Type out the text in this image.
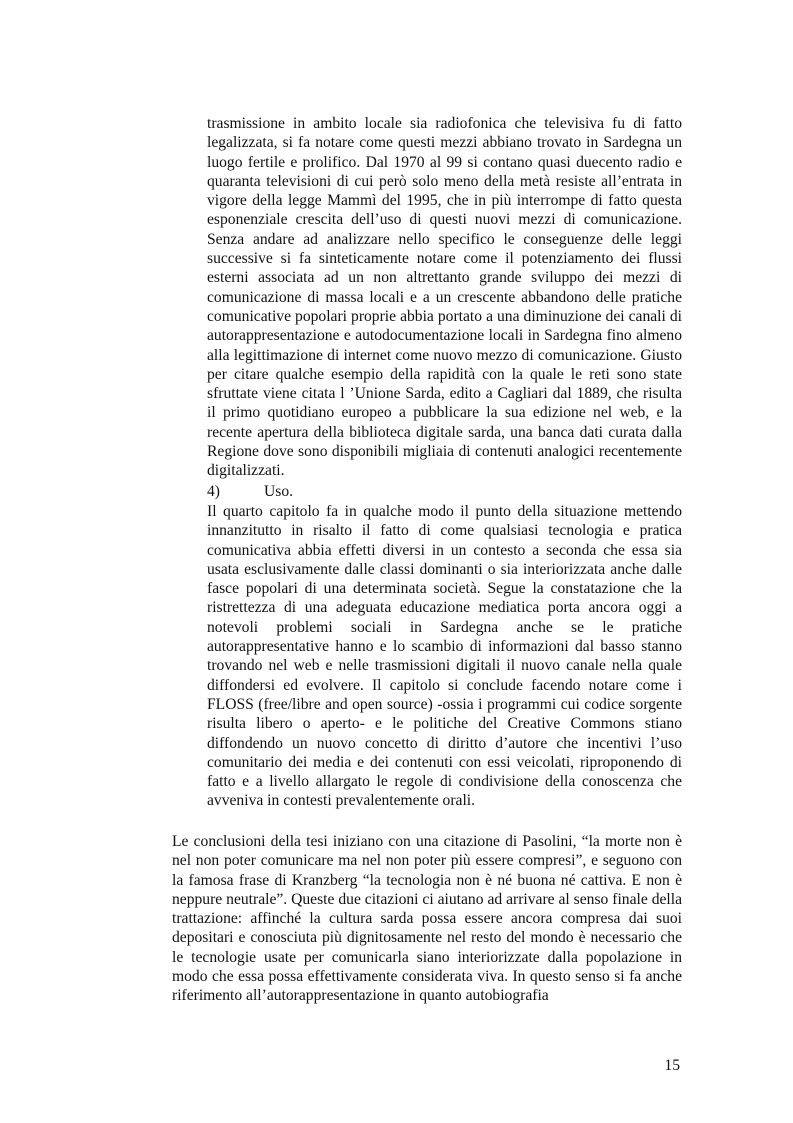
trasmissione in ambito locale sia radiofonica che televisiva fu di fatto legalizzata, si fa notare come questi mezzi abbiano trovato in Sardegna un luogo fertile e prolifico. Dal 1970 al 99 si contano quasi duecento radio e quaranta televisioni di cui però solo meno della metà resiste all’entrata in vigore della legge Mammì del 1995, che in più interrompe di fatto questa esponenziale crescita dell’uso di questi nuovi mezzi di comunicazione. Senza andare ad analizzare nello specifico le conseguenze delle leggi successive si fa sinteticamente notare come il potenziamento dei flussi esterni associata ad un non altrettanto grande sviluppo dei mezzi di comunicazione di massa locali e a un crescente abbandono delle pratiche comunicative popolari proprie abbia portato a una diminuzione dei canali di autorappresentazione e autodocumentazione locali in Sardegna fino almeno alla legittimazione di internet come nuovo mezzo di comunicazione. Giusto per citare qualche esempio della rapidità con la quale le reti sono state sfruttate viene citata l ’Unione Sarda, edito a Cagliari dal 1889, che risulta il primo quotidiano europeo a pubblicare la sua edizione nel web, e la recente apertura della biblioteca digitale sarda, una banca dati curata dalla Regione dove sono disponibili migliaia di contenuti analogici recentemente digitalizzati.

4)	Uso.

Il quarto capitolo fa in qualche modo il punto della situazione mettendo innanzitutto in risalto il fatto di come qualsiasi tecnologia e pratica comunicativa abbia effetti diversi in un contesto a seconda che essa sia usata esclusivamente dalle classi dominanti o sia interiorizzata anche dalle fasce popolari di una determinata società. Segue la constatazione che la ristrettezza di una adeguata educazione mediatica porta ancora oggi a notevoli problemi sociali in Sardegna anche se le pratiche autorappresentative hanno e lo scambio di informazioni dal basso stanno trovando nel web e nelle trasmissioni digitali il nuovo canale nella quale diffondersi ed evolvere. Il capitolo si conclude facendo notare come i FLOSS (free/libre and open source) -ossia i programmi cui codice sorgente risulta libero o aperto- e le politiche del Creative Commons stiano diffondendo un nuovo concetto di diritto d’autore che incentivi l’uso comunitario dei media e dei contenuti con essi veicolati, riproponendo di fatto e a livello allargato le regole di condivisione della conoscenza che avveniva in contesti prevalentemente orali.

Le conclusioni della tesi iniziano con una citazione di Pasolini, “la morte non è nel non poter comunicare ma nel non poter più essere compresi”, e seguono con la famosa frase di Kranzberg “la tecnologia non è né buona né cattiva. E non è neppure neutrale”. Queste due citazioni ci aiutano ad arrivare al senso finale della trattazione: affinché la cultura sarda possa essere ancora compresa dai suoi depositari e conosciuta più dignitosamente nel resto del mondo è necessario che le tecnologie usate per comunicarla siano interiorizzate dalla popolazione in modo che essa possa effettivamente considerata viva. In questo senso si fa anche riferimento all’autorappresentazione in quanto autobiografia

15
